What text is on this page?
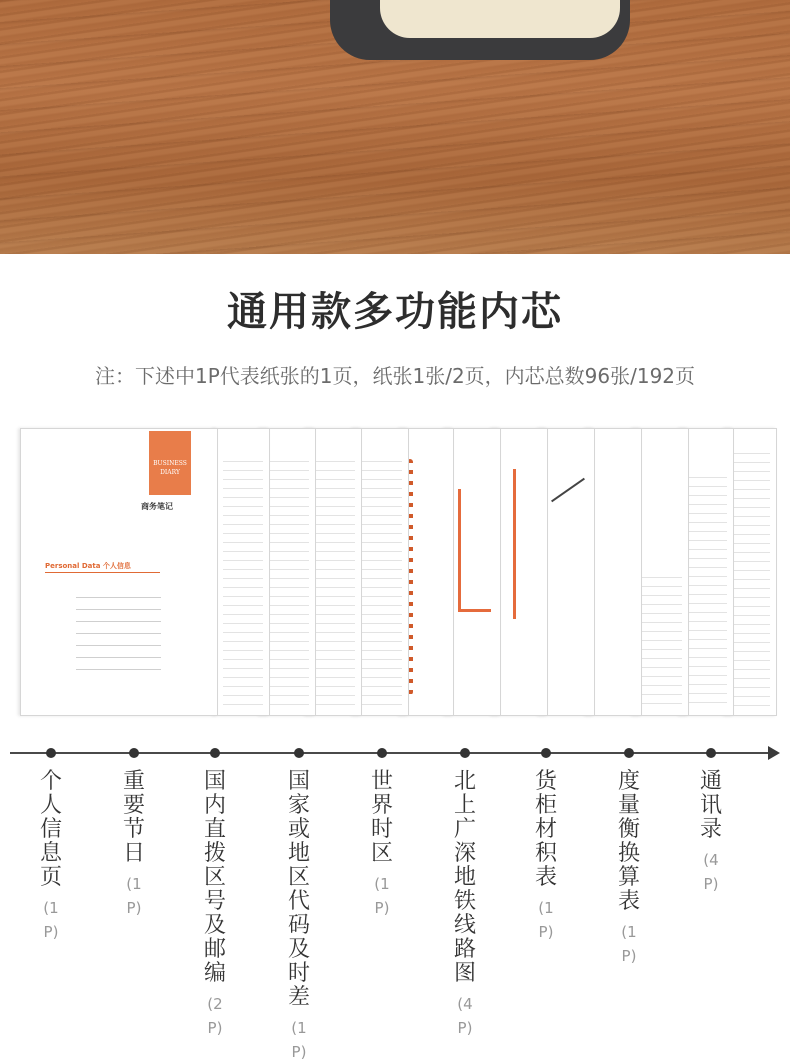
通用款多功能内芯
注：下述中1P代表纸张的1页，纸张1张/2页，内芯总数96张/192页
BUSINESS
DIARY
商务笔记
Personal Data 个人信息
个人信息页
(1P)
重要节日
(1P)
国内直拨区号及邮编
(2P)
国家或地区代码及时差
(1P)
世界时区
(1P)
北上广深地铁线路图
(4P)
货柜材积表
(1P)
度量衡换算表
(1P)
通讯录
(4P)
